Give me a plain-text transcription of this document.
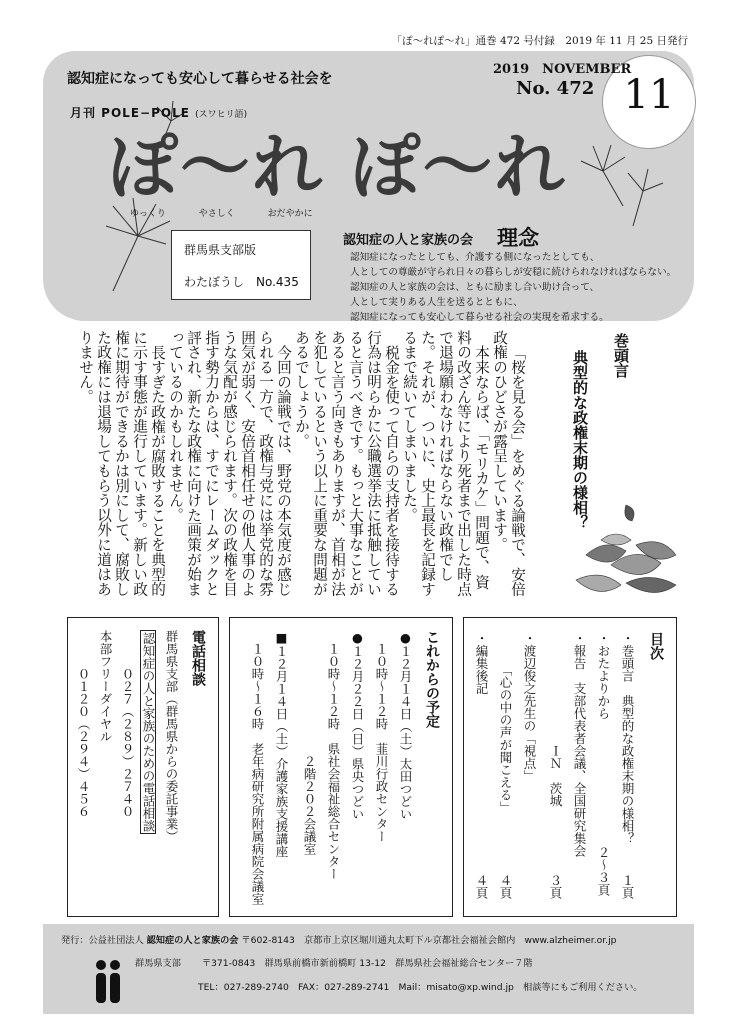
「ぽ〜れぽ〜れ」通巻 472 号付録　2019 年 11 月 25 日発行
11
認知症になっても安心して暮らせる社会を
月刊 POLE−POLE (スワヒリ語)
2019　NOVEMBER
No. 472
ぽ〜れ ぽ〜れ
ゆっくり やさしく おだやかに
群馬県支部版
わたぼうし　No.435
認知症の人と家族の会 理念
認知症になったとしても、介護する側になったとしても、
人としての尊厳が守られ日々の暮らしが安穏に続けられなければならない。
認知症の人と家族の会は、ともに励まし合い助け合って、
人として実りある人生を送るとともに、
認知症になっても安心して暮らせる社会の実現を希求する。
巻頭言
典型的な政権末期の様相？

「桜を見る会」をめぐる論戦で、安倍政権のひどさが露呈しています。

本来ならば、「モリカケ」問題で、資料の改ざん等により死者まで出した時点で退場願わなければならない政権でした。それが、ついに、史上最長を記録するまで続いてしまいました。

税金を使って自らの支持者を接待する行為は明らかに公職選挙法に抵触していると言うべきです。もっと大事なことがあると言う向きもありますが、首相が法を犯しているという以上に重要な問題があるでしょうか。

今回の論戦では、野党の本気度が感じられる一方で、政権与党には挙党的な雰囲気が弱く、安倍首相任せの他人事のような気配が感じられます。次の政権を目指す勢力からは、すでにレームダックと評され、新たな政権に向けた画策が始まっているのかもしれません。

長すぎた政権が腐敗することを典型的に示す事態が進行しています。新しい政権に期待ができるかは別にして、腐敗した政権には退場してもらう以外に道はありません。

目次
・巻頭言　典型的な政権末期の様相？
１頁
・おたよりから
２〜３頁
・報告　支部代表者会議、全国研究集会
　　　　　　　　　ＩＮ　茨城
３頁
・渡辺俊之先生の「視点」
　　　「心の中の声が聞こえる」
４頁
・編集後記
４頁
これからの予定
●１２月１４日（土）太田つどい
　１０時〜１２時　韮川行政センター
●１２月２２日（日）県央つどい
　１０時〜１２時　県社会福祉総合センター
　　　　　　　　　　２階２０２会議室
■１２月１４日（土）介護家族支援講座
　１０時〜１６時　老年病研究所附属病院会議室
電話相談
群馬県支部（群馬県からの委託事業）
認知症の人と家族のための電話相談
　　　０２７（２８９）２７４０
本部フリーダイヤル
　　　０１２０（２９４）４５６
発行：公益社団法人 認知症の人と家族の会 〒602-8143　京都市上京区堀川通丸太町下ル京都社会福祉会館内　www.alzheimer.or.jp
群馬県支部 〒371-0843　群馬県前橋市新前橋町 13-12　群馬県社会福祉総合センター７階
TEL：027-289-2740　FAX：027-289-2741　Mail：misato@xp.wind.jp　相談等にもご利用ください。
